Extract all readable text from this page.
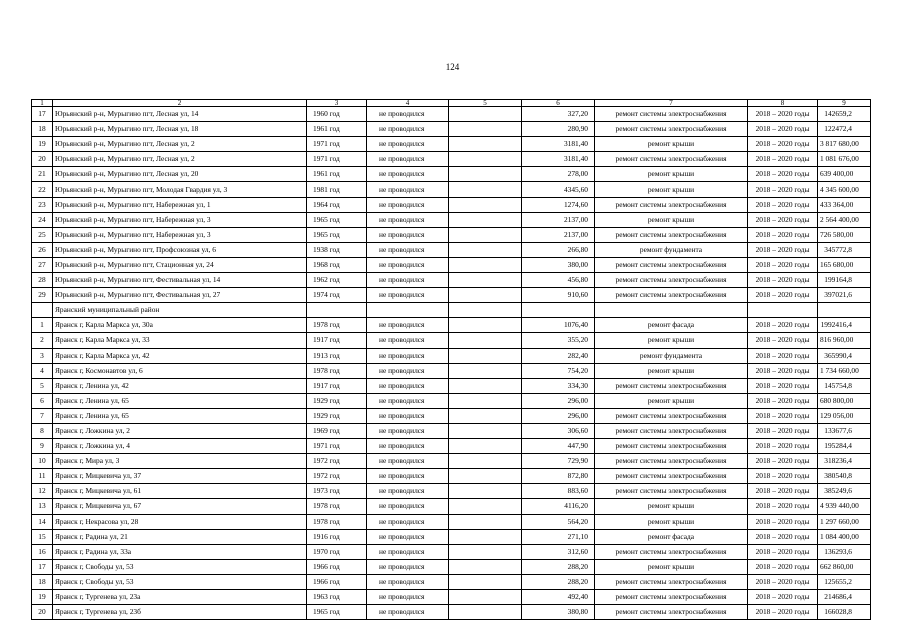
124
1	2	3	4	5	6	7	8	9
17	Юрьянский р-н, Мурыгино пгт, Лесная ул, 14	1960 год	не проводился		327,20	ремонт системы электроснабжения	2018 – 2020 годы	142659,2
18	Юрьянский р-н, Мурыгино пгт, Лесная ул, 18	1961 год	не проводился		280,90	ремонт системы электроснабжения	2018 – 2020 годы	122472,4
19	Юрьянский р-н, Мурыгино пгт, Лесная ул, 2	1971 год	не проводился		3181,40	ремонт крыши	2018 – 2020 годы	3 817 680,00
20	Юрьянский р-н, Мурыгино пгт, Лесная ул, 2	1971 год	не проводился		3181,40	ремонт системы электроснабжения	2018 – 2020 годы	1 081 676,00
21	Юрьянский р-н, Мурыгино пгт, Лесная ул, 20	1961 год	не проводился		278,00	ремонт крыши	2018 – 2020 годы	639 400,00
22	Юрьянский р-н, Мурыгино пгт, Молодая Гвардия ул, 3	1981 год	не проводился		4345,60	ремонт крыши	2018 – 2020 годы	4 345 600,00
23	Юрьянский р-н, Мурыгино пгт, Набережная ул, 1	1964 год	не проводился		1274,60	ремонт системы электроснабжения	2018 – 2020 годы	433 364,00
24	Юрьянский р-н, Мурыгино пгт, Набережная ул, 3	1965 год	не проводился		2137,00	ремонт крыши	2018 – 2020 годы	2 564 400,00
25	Юрьянский р-н, Мурыгино пгт, Набережная ул, 3	1965 год	не проводился		2137,00	ремонт системы электроснабжения	2018 – 2020 годы	726 580,00
26	Юрьянский р-н, Мурыгино пгт, Профсоюзная ул, 6	1938 год	не проводился		266,80	ремонт фундамента	2018 – 2020 годы	345772,8
27	Юрьянский р-н, Мурыгино пгт, Стационная ул, 24	1968 год	не проводился		380,00	ремонт системы электроснабжения	2018 – 2020 годы	165 680,00
28	Юрьянский р-н, Мурыгино пгт, Фестивальная ул, 14	1962 год	не проводился		456,80	ремонт системы электроснабжения	2018 – 2020 годы	199164,8
29	Юрьянский р-н, Мурыгино пгт, Фестивальная ул, 27	1974 год	не проводился		910,60	ремонт системы электроснабжения	2018 – 2020 годы	397021,6
	Яранский муниципальный район							
1	Яранск г, Карла Маркса ул, 30а	1978 год	не проводился		1076,40	ремонт фасада	2018 – 2020 годы	1992416,4
2	Яранск г, Карла Маркса ул, 33	1917 год	не проводился		355,20	ремонт крыши	2018 – 2020 годы	816 960,00
3	Яранск г, Карла Маркса ул, 42	1913 год	не проводился		282,40	ремонт фундамента	2018 – 2020 годы	365990,4
4	Яранск г, Космонавтов ул, 6	1978 год	не проводился		754,20	ремонт крыши	2018 – 2020 годы	1 734 660,00
5	Яранск г, Ленина ул, 42	1917 год	не проводился		334,30	ремонт системы электроснабжения	2018 – 2020 годы	145754,8
6	Яранск г, Ленина ул, 65	1929 год	не проводился		296,00	ремонт крыши	2018 – 2020 годы	680 800,00
7	Яранск г, Ленина ул, 65	1929 год	не проводился		296,00	ремонт системы электроснабжения	2018 – 2020 годы	129 056,00
8	Яранск г, Ложкина ул, 2	1969 год	не проводился		306,60	ремонт системы электроснабжения	2018 – 2020 годы	133677,6
9	Яранск г, Ложкина ул, 4	1971 год	не проводился		447,90	ремонт системы электроснабжения	2018 – 2020 годы	195284,4
10	Яранск г, Мира ул, 3	1972 год	не проводился		729,90	ремонт системы электроснабжения	2018 – 2020 годы	318236,4
11	Яранск г, Мицкевича ул, 37	1972 год	не проводился		872,80	ремонт системы электроснабжения	2018 – 2020 годы	380540,8
12	Яранск г, Мицкевича ул, 61	1973 год	не проводился		883,60	ремонт системы электроснабжения	2018 – 2020 годы	385249,6
13	Яранск г, Мицкевича ул, 67	1978 год	не проводился		4116,20	ремонт крыши	2018 – 2020 годы	4 939 440,00
14	Яранск г, Некрасова ул, 28	1978 год	не проводился		564,20	ремонт крыши	2018 – 2020 годы	1 297 660,00
15	Яранск г, Радина ул, 21	1916 год	не проводился		271,10	ремонт фасада	2018 – 2020 годы	1 084 400,00
16	Яранск г, Радина ул, 33а	1970 год	не проводился		312,60	ремонт системы электроснабжения	2018 – 2020 годы	136293,6
17	Яранск г, Свободы ул, 53	1966 год	не проводился		288,20	ремонт крыши	2018 – 2020 годы	662 860,00
18	Яранск г, Свободы ул, 53	1966 год	не проводился		288,20	ремонт системы электроснабжения	2018 – 2020 годы	125655,2
19	Яранск г, Тургенева ул, 23а	1963 год	не проводился		492,40	ремонт системы электроснабжения	2018 – 2020 годы	214686,4
20	Яранск г, Тургенева ул, 23б	1965 год	не проводился		380,80	ремонт системы электроснабжения	2018 – 2020 годы	166028,8
